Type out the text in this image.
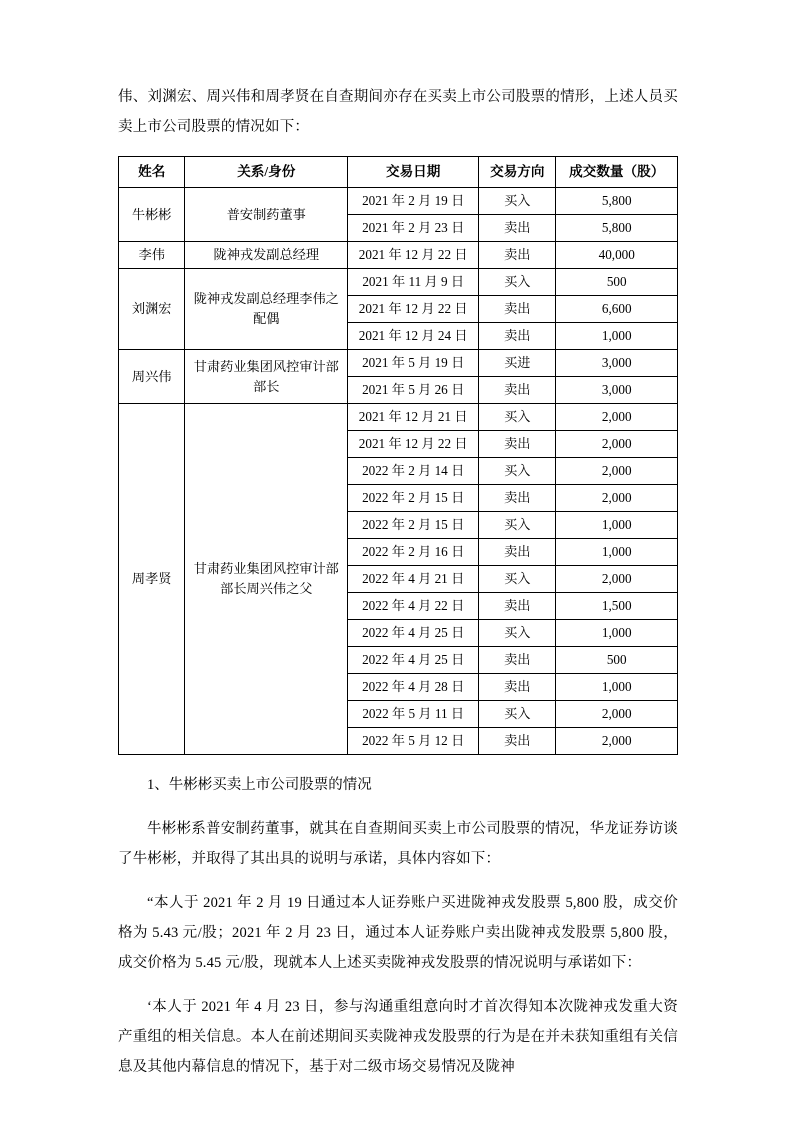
伟、刘渊宏、周兴伟和周孝贤在自查期间亦存在买卖上市公司股票的情形，上述人员买卖上市公司股票的情况如下：

姓名	关系/身份	交易日期	交易方向	成交数量（股）
牛彬彬	普安制药董事	2021 年 2 月 19 日	买入	5,800
		2021 年 2 月 23 日	卖出	5,800
李伟	陇神戎发副总经理	2021 年 12 月 22 日	卖出	40,000
刘渊宏	陇神戎发副总经理李伟之配偶	2021 年 11 月 9 日	买入	500
		2021 年 12 月 22 日	卖出	6,600
		2021 年 12 月 24 日	卖出	1,000
周兴伟	甘肃药业集团风控审计部部长	2021 年 5 月 19 日	买进	3,000
		2021 年 5 月 26 日	卖出	3,000
周孝贤	甘肃药业集团风控审计部部长周兴伟之父	2021 年 12 月 21 日	买入	2,000
		2021 年 12 月 22 日	卖出	2,000
		2022 年 2 月 14 日	买入	2,000
		2022 年 2 月 15 日	卖出	2,000
		2022 年 2 月 15 日	买入	1,000
		2022 年 2 月 16 日	卖出	1,000
		2022 年 4 月 21 日	买入	2,000
		2022 年 4 月 22 日	卖出	1,500
		2022 年 4 月 25 日	买入	1,000
		2022 年 4 月 25 日	卖出	500
		2022 年 4 月 28 日	卖出	1,000
		2022 年 5 月 11 日	买入	2,000
		2022 年 5 月 12 日	卖出	2,000

1、牛彬彬买卖上市公司股票的情况

牛彬彬系普安制药董事，就其在自查期间买卖上市公司股票的情况，华龙证券访谈了牛彬彬，并取得了其出具的说明与承诺，具体内容如下：

“本人于 2021 年 2 月 19 日通过本人证券账户买进陇神戎发股票 5,800 股，成交价格为 5.43 元/股；2021 年 2 月 23 日，通过本人证券账户卖出陇神戎发股票 5,800 股，成交价格为 5.45 元/股，现就本人上述买卖陇神戎发股票的情况说明与承诺如下：

‘本人于 2021 年 4 月 23 日，参与沟通重组意向时才首次得知本次陇神戎发重大资产重组的相关信息。本人在前述期间买卖陇神戎发股票的行为是在并未获知重组有关信息及其他内幕信息的情况下，基于对二级市场交易情况及陇神
